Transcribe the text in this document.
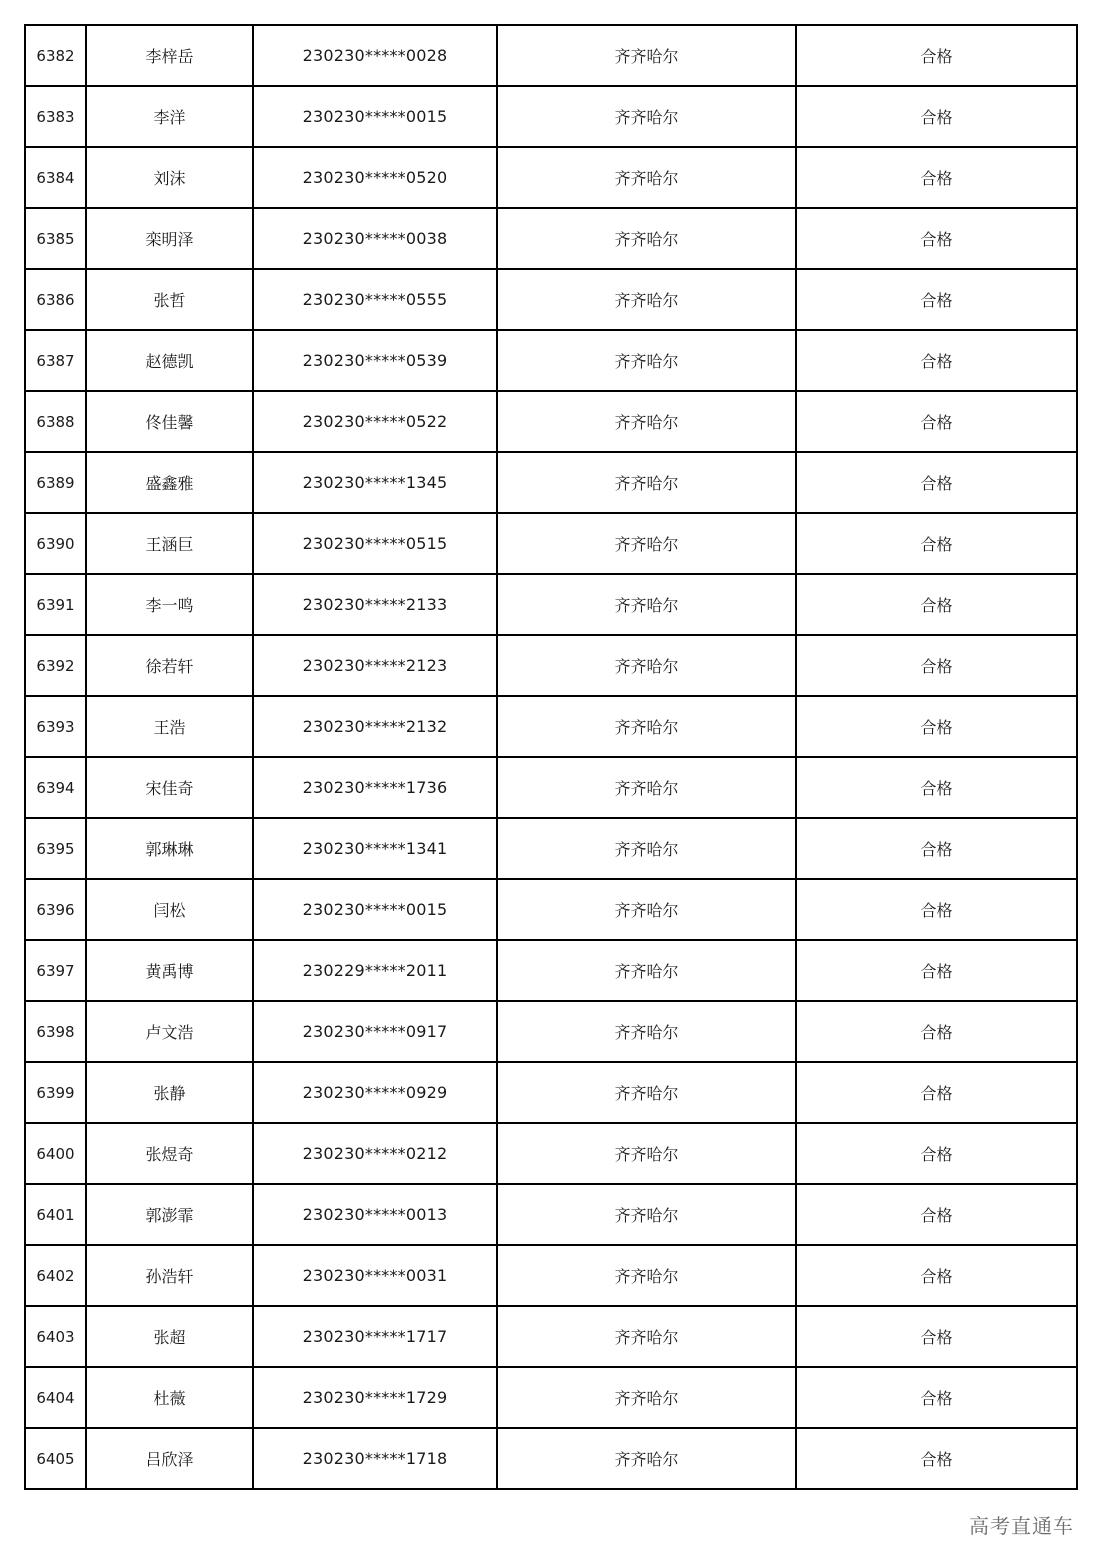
6382	李梓岳	230230*****0028	齐齐哈尔	合格
6383	李洋	230230*****0015	齐齐哈尔	合格
6384	刘沫	230230*****0520	齐齐哈尔	合格
6385	栾明泽	230230*****0038	齐齐哈尔	合格
6386	张哲	230230*****0555	齐齐哈尔	合格
6387	赵德凯	230230*****0539	齐齐哈尔	合格
6388	佟佳馨	230230*****0522	齐齐哈尔	合格
6389	盛鑫雅	230230*****1345	齐齐哈尔	合格
6390	王涵巨	230230*****0515	齐齐哈尔	合格
6391	李一鸣	230230*****2133	齐齐哈尔	合格
6392	徐若轩	230230*****2123	齐齐哈尔	合格
6393	王浩	230230*****2132	齐齐哈尔	合格
6394	宋佳奇	230230*****1736	齐齐哈尔	合格
6395	郭琳琳	230230*****1341	齐齐哈尔	合格
6396	闫松	230230*****0015	齐齐哈尔	合格
6397	黄禹博	230229*****2011	齐齐哈尔	合格
6398	卢文浩	230230*****0917	齐齐哈尔	合格
6399	张静	230230*****0929	齐齐哈尔	合格
6400	张煜奇	230230*****0212	齐齐哈尔	合格
6401	郭澎霏	230230*****0013	齐齐哈尔	合格
6402	孙浩轩	230230*****0031	齐齐哈尔	合格
6403	张超	230230*****1717	齐齐哈尔	合格
6404	杜薇	230230*****1729	齐齐哈尔	合格
6405	吕欣泽	230230*****1718	齐齐哈尔	合格
高考直通车
